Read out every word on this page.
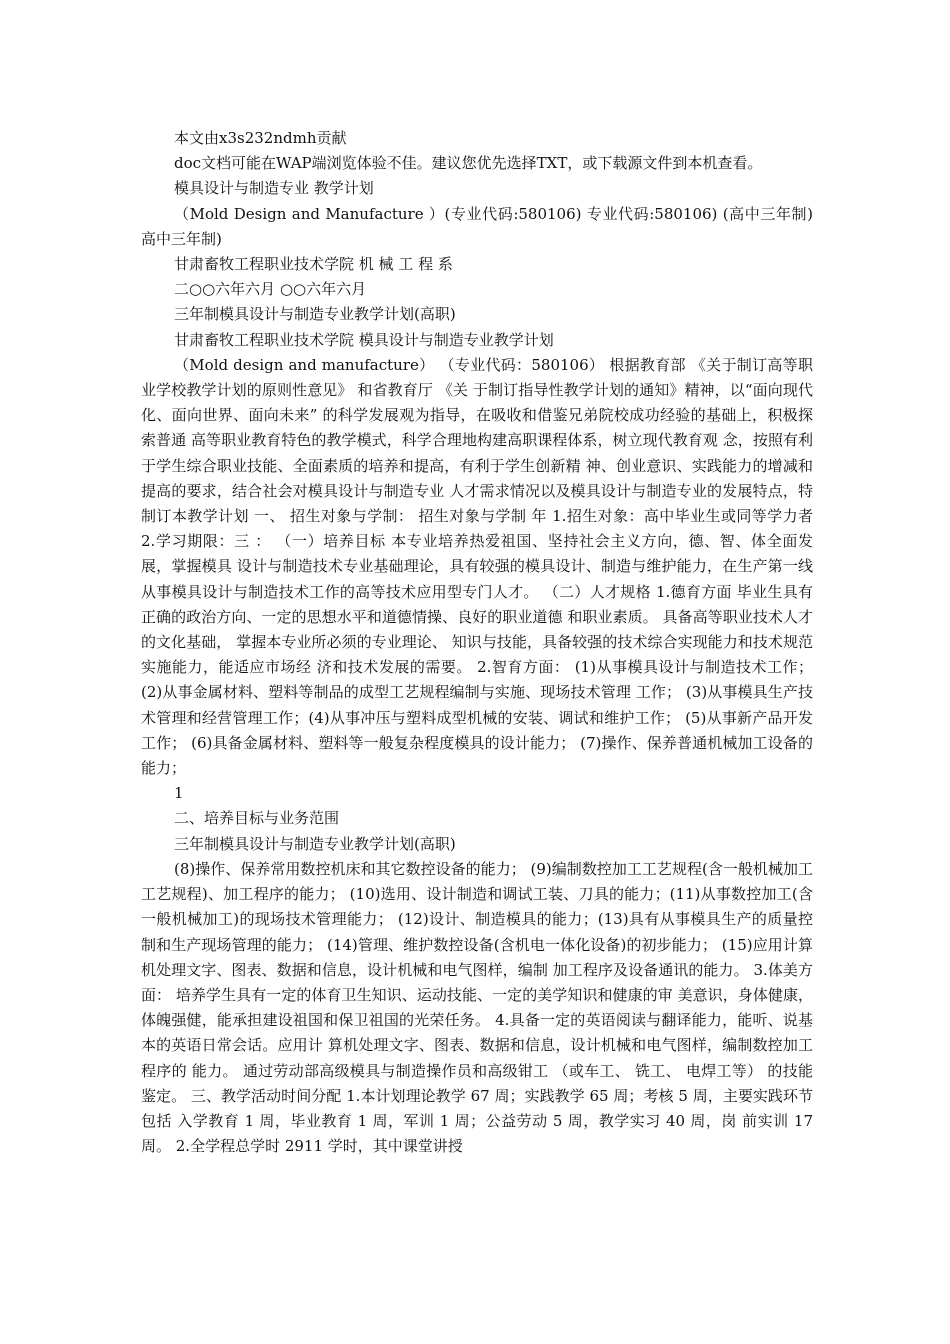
本文由x3s232ndmh贡献

doc文档可能在WAP端浏览体验不佳。建议您优先选择TXT，或下载源文件到本机查看。

模具设计与制造专业 教学计划

（Mold Design and Manufacture ）(专业代码:580106) 专业代码:580106) (高中三年制) 高中三年制)

甘肃畜牧工程职业技术学院 机 械 工 程 系

二○○六年六月 ○○六年六月

三年制模具设计与制造专业教学计划(高职)

甘肃畜牧工程职业技术学院 模具设计与制造专业教学计划

（Mold design and manufacture） （专业代码：580106） 根据教育部 《关于制订高等职业学校教学计划的原则性意见》 和省教育厅 《关 于制订指导性教学计划的通知》精神，以“面向现代化、面向世界、面向未来” 的科学发展观为指导，在吸收和借鉴兄弟院校成功经验的基础上，积极探索普通 高等职业教育特色的教学模式，科学合理地构建高职课程体系，树立现代教育观 念，按照有利于学生综合职业技能、全面素质的培养和提高，有利于学生创新精 神、创业意识、实践能力的增减和提高的要求，结合社会对模具设计与制造专业 人才需求情况以及模具设计与制造专业的发展特点，特制订本教学计划 一、 招生对象与学制： 招生对象与学制 年 1.招生对象：高中毕业生或同等学力者 2.学习期限：三 ： （一）培养目标 本专业培养热爱祖国、坚持社会主义方向，德、智、体全面发展，掌握模具 设计与制造技术专业基础理论，具有较强的模具设计、制造与维护能力，在生产第一线从事模具设计与制造技术工作的高等技术应用型专门人才。 （二）人才规格 1.德育方面 毕业生具有正确的政治方向、一定的思想水平和道德情操、良好的职业道德 和职业素质。 具备高等职业技术人才的文化基础， 掌握本专业所必须的专业理论、 知识与技能，具备较强的技术综合实现能力和技术规范实施能力，能适应市场经 济和技术发展的需要。 2.智育方面： (1)从事模具设计与制造技术工作； (2)从事金属材料、塑料等制品的成型工艺规程编制与实施、现场技术管理 工作； (3)从事模具生产技术管理和经营管理工作；(4)从事冲压与塑料成型机械的安装、调试和维护工作； (5)从事新产品开发工作； (6)具备金属材料、塑料等一般复杂程度模具的设计能力； (7)操作、保养普通机械加工设备的能力；

1

二、培养目标与业务范围

三年制模具设计与制造专业教学计划(高职)

(8)操作、保养常用数控机床和其它数控设备的能力； (9)编制数控加工工艺规程(含一般机械加工工艺规程)、加工程序的能力； (10)选用、设计制造和调试工装、刀具的能力；(11)从事数控加工(含一般机械加工)的现场技术管理能力； (12)设计、制造模具的能力；(13)具有从事模具生产的质量控制和生产现场管理的能力； (14)管理、维护数控设备(含机电一体化设备)的初步能力； (15)应用计算机处理文字、图表、数据和信息，设计机械和电气图样，编制 加工程序及设备通讯的能力。 3.体美方面： 培养学生具有一定的体育卫生知识、运动技能、一定的美学知识和健康的审 美意识，身体健康，体魄强健，能承担建设祖国和保卫祖国的光荣任务。 4.具备一定的英语阅读与翻译能力，能听、说基本的英语日常会话。应用计 算机处理文字、图表、数据和信息，设计机械和电气图样，编制数控加工程序的 能力。 通过劳动部高级模具与制造操作员和高级钳工 （或车工、 铣工、 电焊工等） 的技能鉴定。 三、教学活动时间分配 1.本计划理论教学 67 周；实践教学 65 周；考核 5 周，主要实践环节包括 入学教育 1 周，毕业教育 1 周，军训 1 周；公益劳动 5 周，教学实习 40 周，岗 前实训 17 周。 2.全学程总学时 2911 学时，其中课堂讲授
